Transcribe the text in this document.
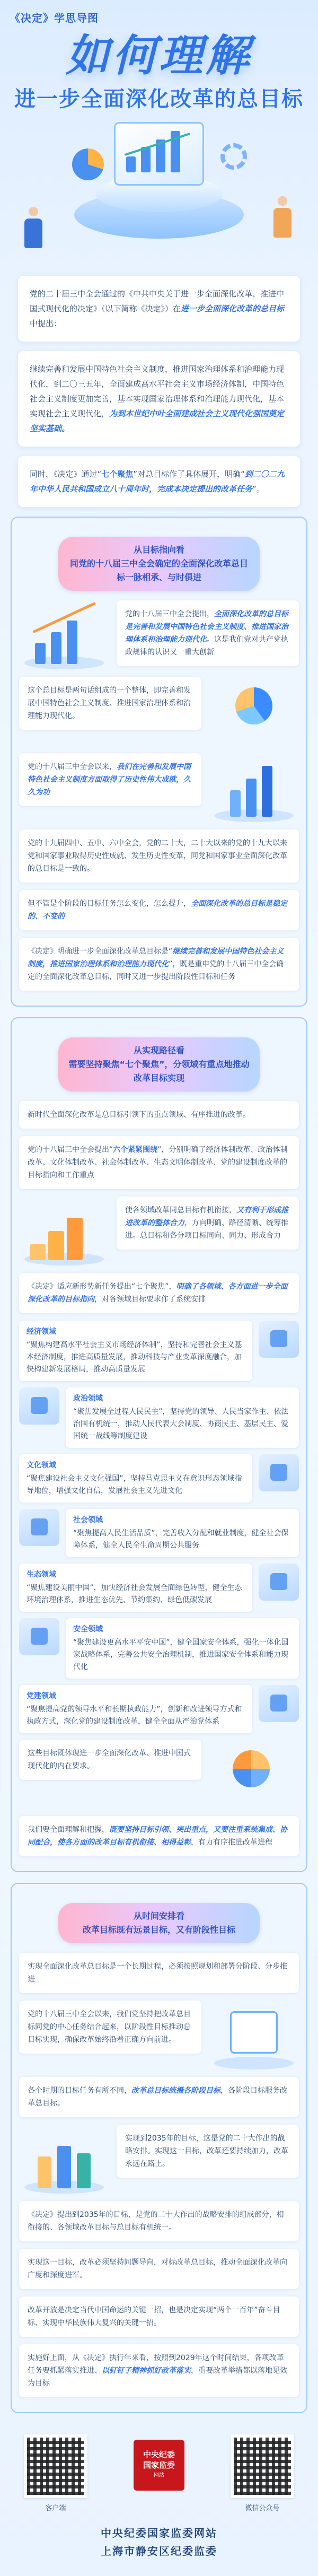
《决定》学思导图
如何理解
进一步全面深化改革的总目标
党的二十届三中全会通过的《中共中央关于进一步全面深化改革、推进中国式现代化的决定》（以下简称《决定》）在进一步全面深化改革的总目标中提出：
继续完善和发展中国特色社会主义制度，推进国家治理体系和治理能力现代化，到二〇三五年，全面建成高水平社会主义市场经济体制，中国特色社会主义制度更加完善，基本实现国家治理体系和治理能力现代化，基本实现社会主义现代化，为到本世纪中叶全面建成社会主义现代化强国奠定坚实基础。
同时，《决定》通过“七个聚焦”对总目标作了具体展开，明确“到二〇二九年中华人民共和国成立八十周年时，完成本决定提出的改革任务”。
从目标指向看
同党的十八届三中全会确定的全面深化改革总目标一脉相承、与时俱进
党的十八届三中全会提出，全面深化改革的总目标是完善和发展中国特色社会主义制度、推进国家治理体系和治理能力现代化。这是我们党对共产党执政规律的认识又一重大创新
这个总目标是两句话组成的一个整体，即完善和发展中国特色社会主义制度、推进国家治理体系和治理能力现代化。
党的十八届三中全会以来，我们在完善和发展中国特色社会主义制度方面取得了历史性伟大成就，久久为功
党的十九届四中、五中、六中全会，党的二十大，二十大以来的党的十九大以来党和国家事业取得历史性成就、发生历史性变革，同党和国家事业全面深化改革的总目标是一致的。
但不管是个阶段的目标任务怎么变化，怎么提升，全面深化改革的总目标是稳定的、不变的
《决定》明确进一步全面深化改革总目标是“继续完善和发展中国特色社会主义制度，推进国家治理体系和治理能力现代化”，既是重申党的十八届三中全会确定的全面深化改革总目标，同时又进一步提出阶段性目标和任务
从实现路径看
需要坚持聚焦“七个聚焦”，分领域有重点地推动改革目标实现
新时代全面深化改革是总目标引领下的重点领域、有序推进的改革。
党的十八届三中全会提出“六个紧紧围绕”，分别明确了经济体制改革、政治体制改革、文化体制改革、社会体制改革、生态文明体制改革、党的建设制度改革的目标指向和工作重点
使各领域改革同总目标有机衔接，又有利于形成推进改革的整体合力，方向明确、路径清晰、统筹推进。总目标和各分项目标同向、同力、形成合力
《决定》适应新形势新任务提出“七个聚焦”，明确了各领域、各方面进一步全面深化改革的目标指向，对各领域目标要求作了系统安排
经济领域
“聚焦构建高水平社会主义市场经济体制”，坚持和完善社会主义基本经济制度，推进高质量发展，推动科技与产业变革深度融合，加快构建新发展格局，推动高质量发展
政治领域
“聚焦发展全过程人民民主”，坚持党的领导、人民当家作主、依法治国有机统一，推动人民代表大会制度、协商民主、基层民主、爱国统一战线等制度建设
文化领域
“聚焦建设社会主义文化强国”，坚持马克思主义在意识形态领域指导地位，增强文化自信，发展社会主义先进文化
社会领域
“聚焦提高人民生活品质”，完善收入分配和就业制度，健全社会保障体系，健全人民全生命周期公共服务
生态领域
“聚焦建设美丽中国”，加快经济社会发展全面绿色转型，健全生态环境治理体系，推进生态优先、节约集约、绿色低碳发展
安全领域
“聚焦建设更高水平平安中国”，健全国家安全体系，强化一体化国家战略体系，完善公共安全治理机制，推进国家安全体系和能力现代化
党建领域
“聚焦提高党的领导水平和长期执政能力”，创新和改进领导方式和执政方式，深化党的建设制度改革，健全全面从严治党体系
这些目标既体现进一步全面深化改革、推进中国式现代化的内在要求。
我们要全面理解和把握，既要坚持目标引领、突出重点，又要注重系统集成、协同配合，使各方面的改革目标有机衔接、相得益彰，有力有序推进改革进程
从时间安排看
改革目标既有远景目标，又有阶段性目标
实现全面深化改革总目标是一个长期过程，必须按照规划和部署分阶段、分步推进
党的十八届三中全会以来，我们党坚持把改革总目标同党的中心任务结合起来，以阶段性目标推动总目标实现，确保改革始终沿着正确方向前进。
各个时期的目标任务有所不同，改革总目标统摄各阶段目标，各阶段目标服务改革总目标。
实现到2035年的目标，这是党的二十大作出的战略安排。实现这一目标，改革还要持续加力，改革永远在路上。
《决定》提出到2035年的目标，是党的二十大作出的战略安排的组成部分，相衔接的、各领域改革目标与总目标有机统一。
实现这一目标，改革必须坚持问题导向，对标改革总目标，推动全面深化改革向广度和深度进军。
改革开放是决定当代中国命运的关键一招，也是决定实现“两个一百年”奋斗目标、实现中华民族伟大复兴的关键一招。
实施好上面，从《决定》执行年来看，按照到2029年这个时间结果，各项改革任务要抓紧落实推进、以钉钉子精神抓好改革落实，重要改革举措都以落地见效为目标
客户端
中央纪委
国家监委
网站
微信公众号
中央纪委国家监委网站
上海市静安区纪委监委
